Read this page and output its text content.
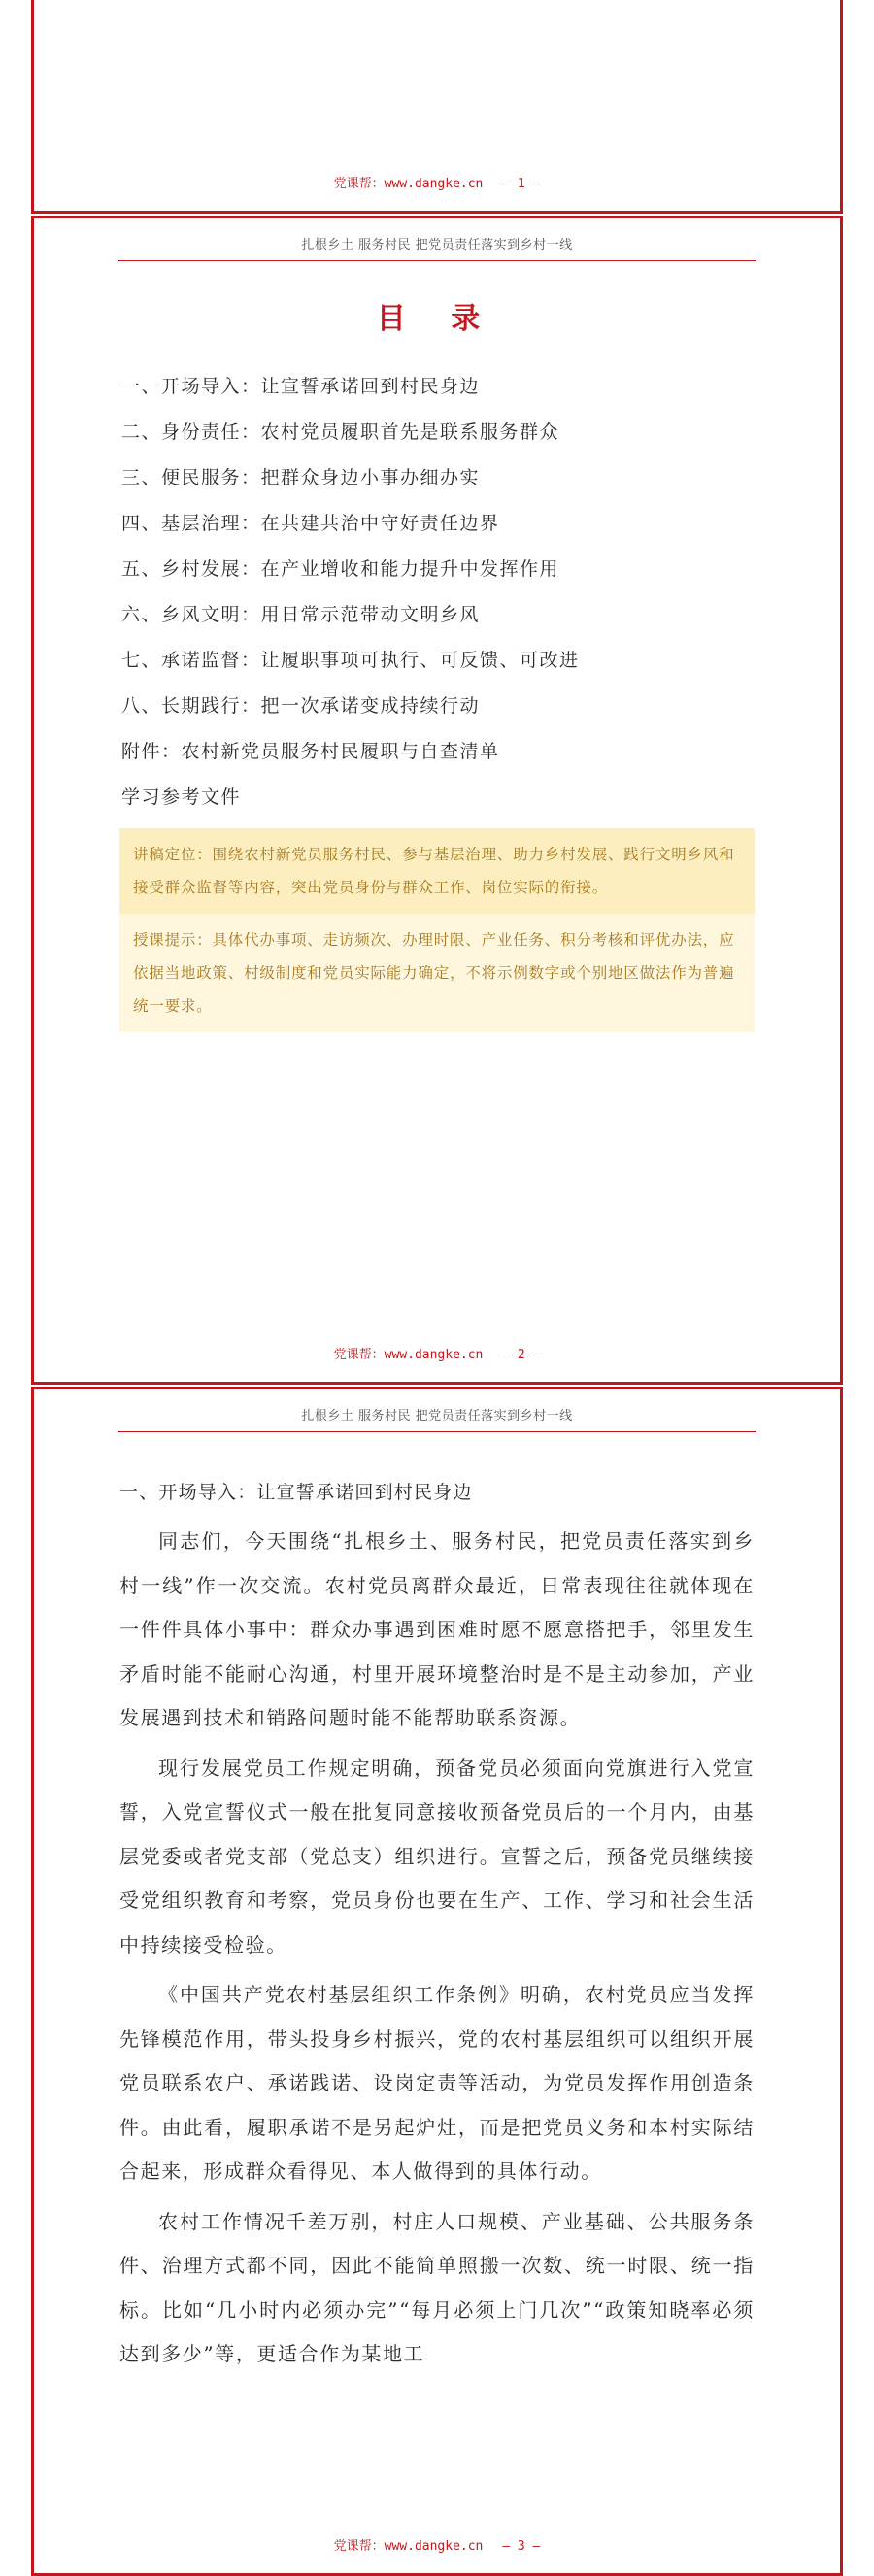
党课帮：www.dangke.cn — 1 —
扎根乡土 服务村民 把党员责任落实到乡村一线
目 录
一、开场导入：让宣誓承诺回到村民身边
二、身份责任：农村党员履职首先是联系服务群众
三、便民服务：把群众身边小事办细办实
四、基层治理：在共建共治中守好责任边界
五、乡村发展：在产业增收和能力提升中发挥作用
六、乡风文明：用日常示范带动文明乡风
七、承诺监督：让履职事项可执行、可反馈、可改进
八、长期践行：把一次承诺变成持续行动
附件：农村新党员服务村民履职与自查清单
学习参考文件
讲稿定位：围绕农村新党员服务村民、参与基层治理、助力乡村发展、践行文明乡风和接受群众监督等内容，突出党员身份与群众工作、岗位实际的衔接。
授课提示：具体代办事项、走访频次、办理时限、产业任务、积分考核和评优办法，应依据当地政策、村级制度和党员实际能力确定，不将示例数字或个别地区做法作为普遍统一要求。
党课帮：www.dangke.cn — 2 —
扎根乡土 服务村民 把党员责任落实到乡村一线
一、开场导入：让宣誓承诺回到村民身边

同志们，今天围绕“扎根乡土、服务村民，把党员责任落实到乡村一线”作一次交流。农村党员离群众最近，日常表现往往就体现在一件件具体小事中：群众办事遇到困难时愿不愿意搭把手，邻里发生矛盾时能不能耐心沟通，村里开展环境整治时是不是主动参加，产业发展遇到技术和销路问题时能不能帮助联系资源。

现行发展党员工作规定明确，预备党员必须面向党旗进行入党宣誓，入党宣誓仪式一般在批复同意接收预备党员后的一个月内，由基层党委或者党支部（党总支）组织进行。宣誓之后，预备党员继续接受党组织教育和考察，党员身份也要在生产、工作、学习和社会生活中持续接受检验。

《中国共产党农村基层组织工作条例》明确，农村党员应当发挥先锋模范作用，带头投身乡村振兴，党的农村基层组织可以组织开展党员联系农户、承诺践诺、设岗定责等活动，为党员发挥作用创造条件。由此看，履职承诺不是另起炉灶，而是把党员义务和本村实际结合起来，形成群众看得见、本人做得到的具体行动。

农村工作情况千差万别，村庄人口规模、产业基础、公共服务条件、治理方式都不同，因此不能简单照搬一次数、统一时限、统一指标。比如“几小时内必须办完”“每月必须上门几次”“政策知晓率必须达到多少”等，更适合作为某地工

党课帮：www.dangke.cn — 3 —
